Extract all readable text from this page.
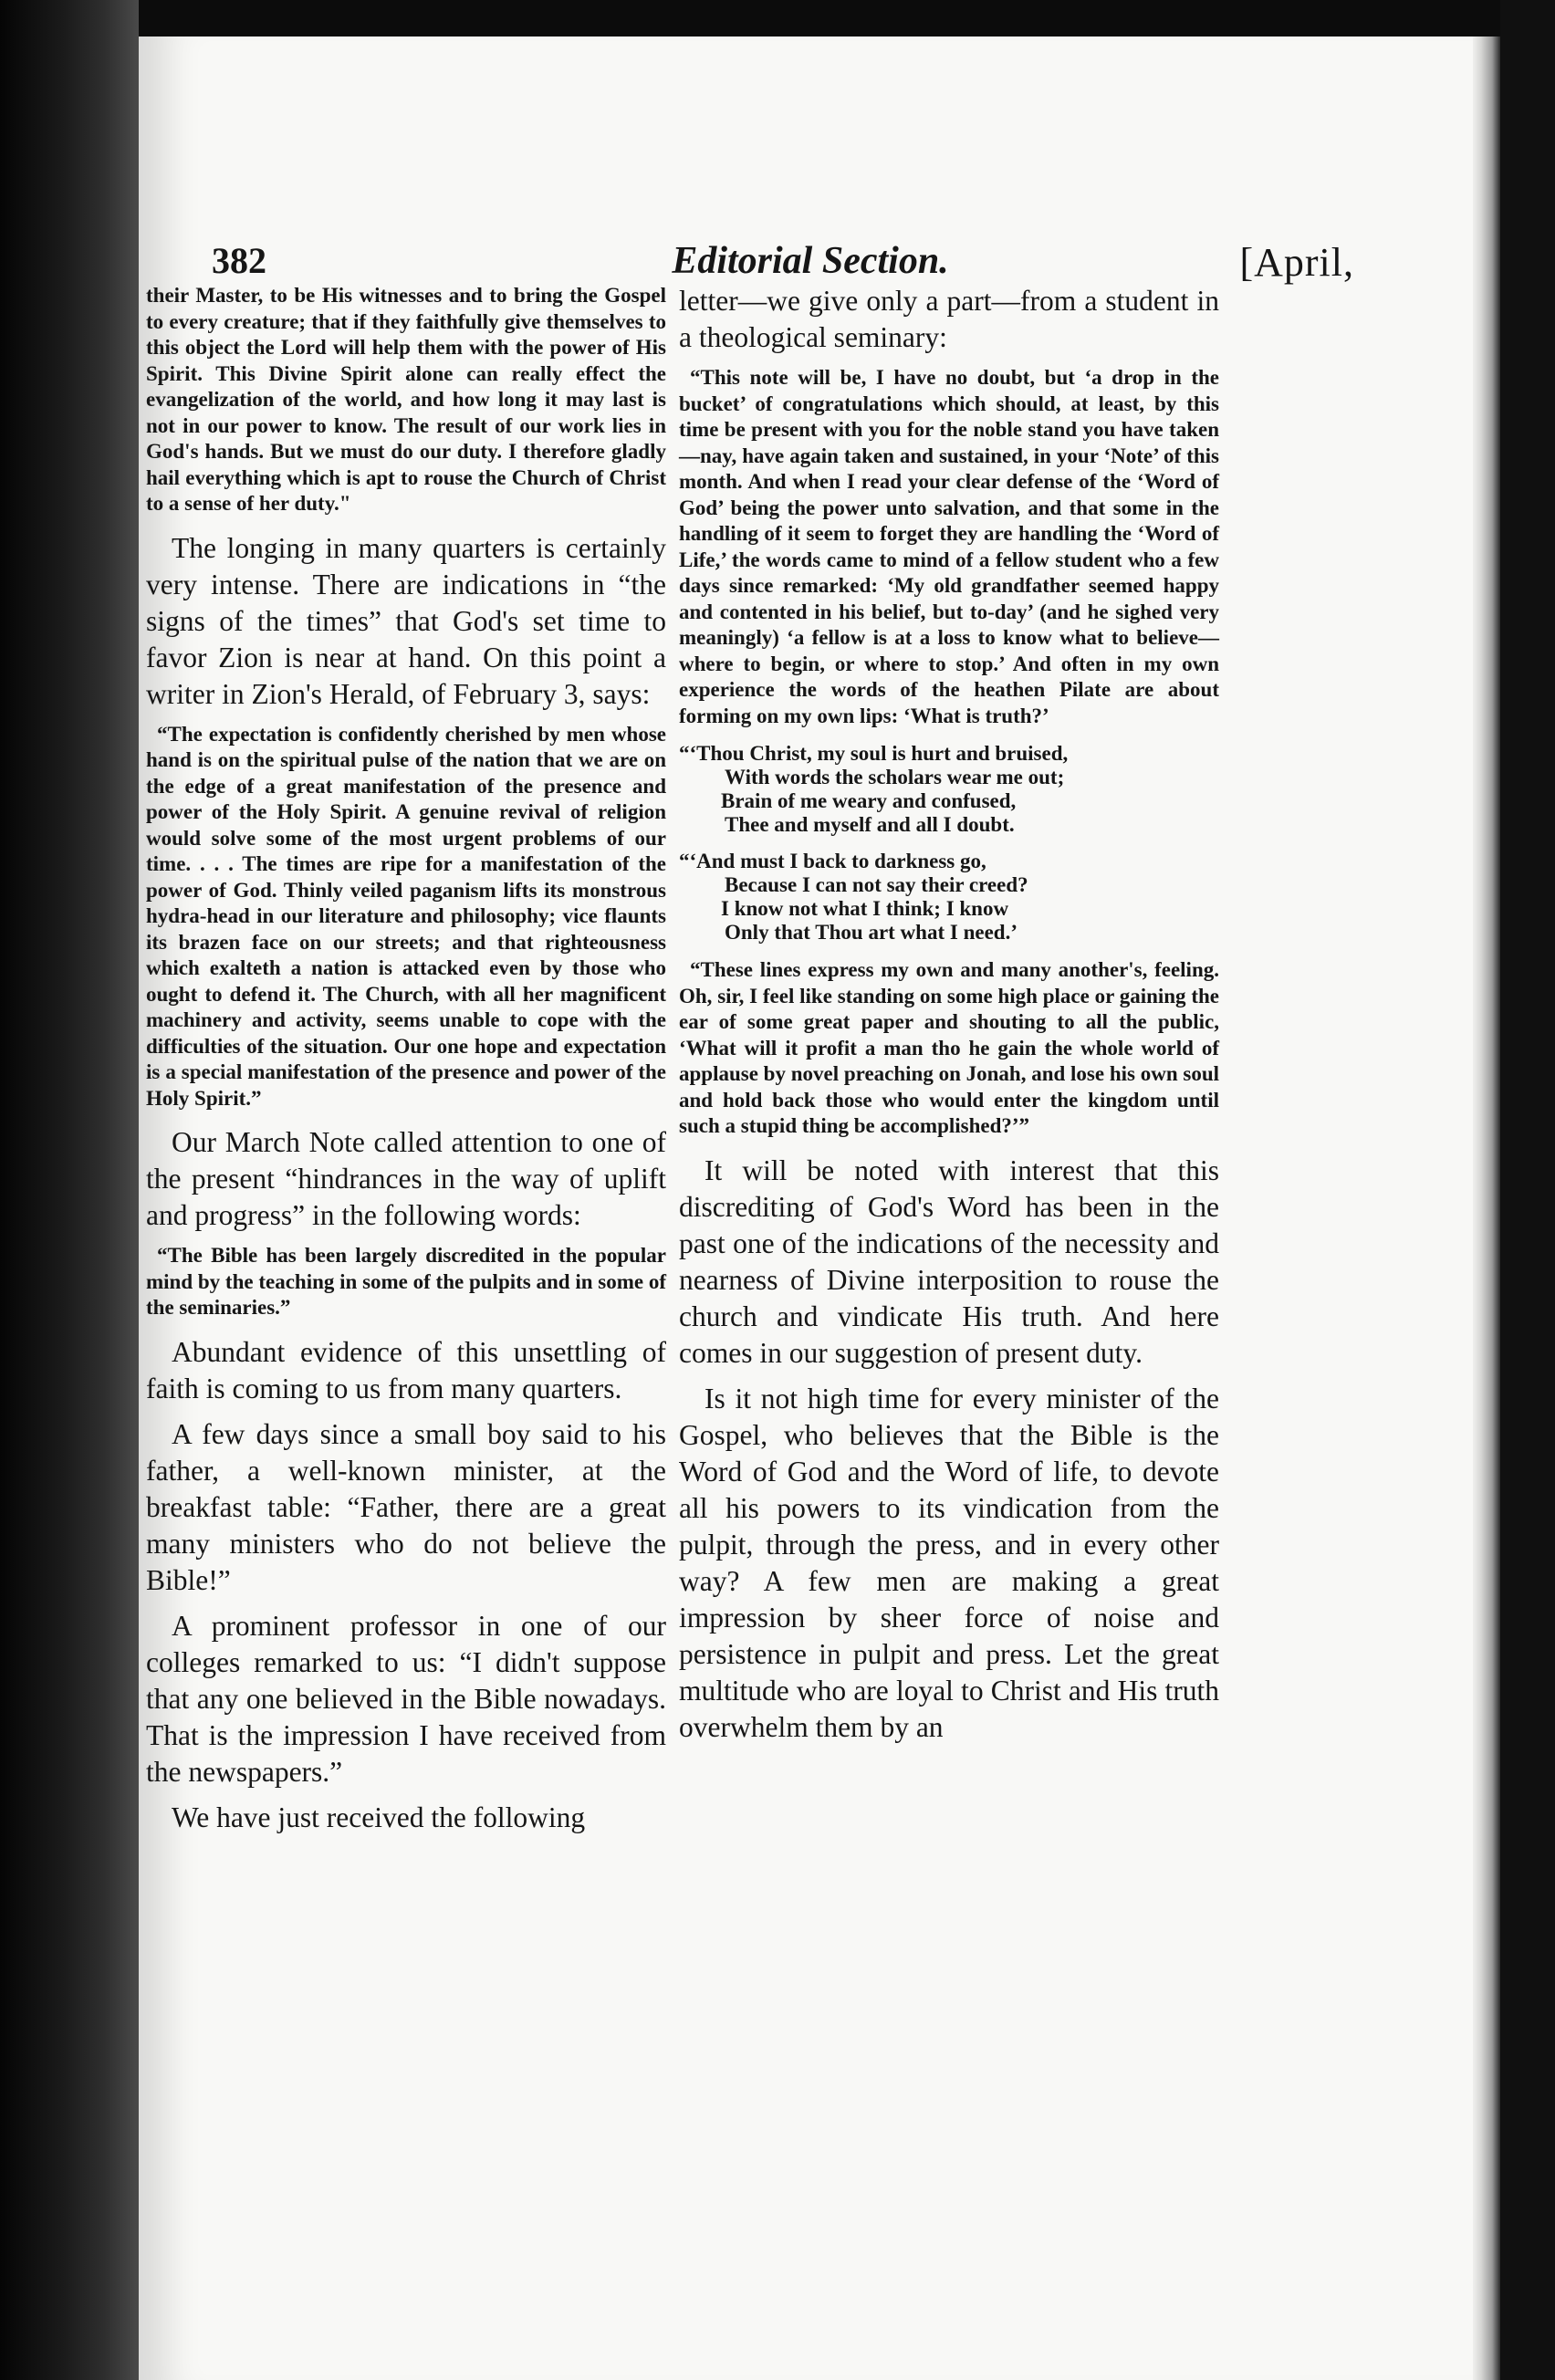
382	Editorial Section.	[April,

their Master, to be His witnesses and to bring the Gospel to every creature; that if they faithfully give themselves to this object the Lord will help them with the power of His Spirit. This Divine Spirit alone can really effect the evangelization of the world, and how long it may last is not in our power to know. The result of our work lies in God's hands. But we must do our duty. I therefore gladly hail everything which is apt to rouse the Church of Christ to a sense of her duty."

The longing in many quarters is certainly very intense. There are indications in “the signs of the times” that God's set time to favor Zion is near at hand. On this point a writer in Zion's Herald, of February 3, says:

“The expectation is confidently cherished by men whose hand is on the spiritual pulse of the nation that we are on the edge of a great manifestation of the presence and power of the Holy Spirit. A genuine revival of religion would solve some of the most urgent problems of our time. . . . The times are ripe for a manifestation of the power of God. Thinly veiled paganism lifts its monstrous hydra-head in our literature and philosophy; vice flaunts its brazen face on our streets; and that righteousness which exalteth a nation is attacked even by those who ought to defend it. The Church, with all her magnificent machinery and activity, seems unable to cope with the difficulties of the situation. Our one hope and expectation is a special manifestation of the presence and power of the Holy Spirit.”

Our March Note called attention to one of the present “hindrances in the way of uplift and progress” in the following words:

“The Bible has been largely discredited in the popular mind by the teaching in some of the pulpits and in some of the seminaries.”

Abundant evidence of this unsettling of faith is coming to us from many quarters.

A few days since a small boy said to his father, a well-known minister, at the breakfast table: “Father, there are a great many ministers who do not believe the Bible!”

A prominent professor in one of our colleges remarked to us: “I didn't suppose that any one believed in the Bible nowadays. That is the impression I have received from the newspapers.”

We have just received the following

letter—we give only a part—from a student in a theological seminary:

“This note will be, I have no doubt, but ‘a drop in the bucket’ of congratulations which should, at least, by this time be present with you for the noble stand you have taken—nay, have again taken and sustained, in your ‘Note’ of this month. And when I read your clear defense of the ‘Word of God’ being the power unto salvation, and that some in the handling of it seem to forget they are handling the ‘Word of Life,’ the words came to mind of a fellow student who a few days since remarked: ‘My old grandfather seemed happy and contented in his belief, but to-day’ (and he sighed very meaningly) ‘a fellow is at a loss to know what to believe—where to begin, or where to stop.’ And often in my own experience the words of the heathen Pilate are about forming on my own lips: ‘What is truth?’

“‘Thou Christ, my soul is hurt and bruised,
With words the scholars wear me out;
Brain of me weary and confused,
Thee and myself and all I doubt.
“‘And must I back to darkness go,
Because I can not say their creed?
I know not what I think; I know
Only that Thou art what I need.’

“These lines express my own and many another's, feeling. Oh, sir, I feel like standing on some high place or gaining the ear of some great paper and shouting to all the public, ‘What will it profit a man tho he gain the whole world of applause by novel preaching on Jonah, and lose his own soul and hold back those who would enter the kingdom until such a stupid thing be accomplished?’”

It will be noted with interest that this discrediting of God's Word has been in the past one of the indications of the necessity and nearness of Divine interposition to rouse the church and vindicate His truth. And here comes in our suggestion of present duty.

Is it not high time for every minister of the Gospel, who believes that the Bible is the Word of God and the Word of life, to devote all his powers to its vindication from the pulpit, through the press, and in every other way? A few men are making a great impression by sheer force of noise and persistence in pulpit and press. Let the great multitude who are loyal to Christ and His truth overwhelm them by an
